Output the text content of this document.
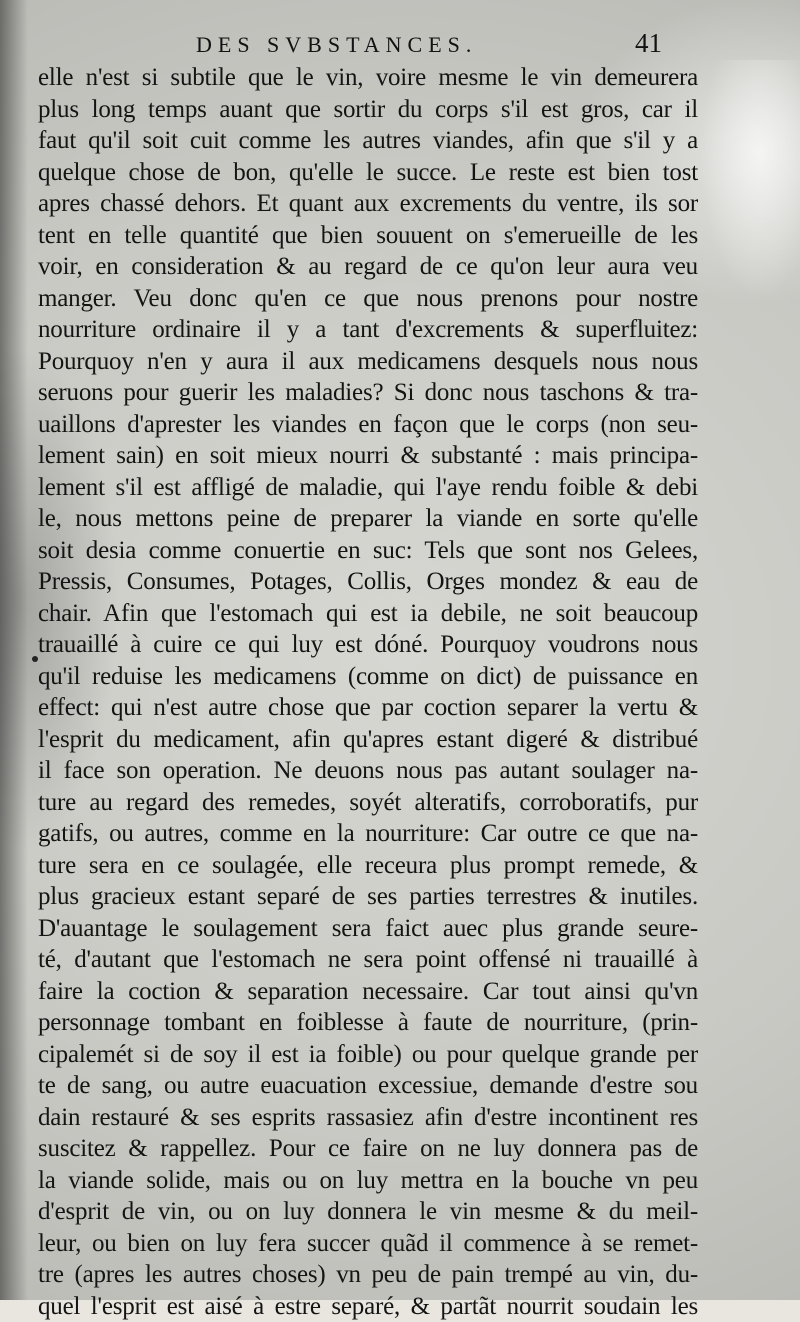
DES SVBSTANCES.	41
elle n'est si subtile que le vin, voire mesme le vin demeurera
plus long temps auant que sortir du corps s'il est gros, car il
faut qu'il soit cuit comme les autres viandes, afin que s'il y a
quelque chose de bon, qu'elle le succe. Le reste est bien tost
apres chassé dehors. Et quant aux excrements du ventre, ils sor
tent en telle quantité que bien souuent on s'emerueille de les
voir, en consideration & au regard de ce qu'on leur aura veu
manger. Veu donc qu'en ce que nous prenons pour nostre
nourriture ordinaire il y a tant d'excrements & superfluitez:
Pourquoy n'en y aura il aux medicamens desquels nous nous
seruons pour guerir les maladies? Si donc nous taschons & tra-
uaillons d'aprester les viandes en façon que le corps (non seu-
lement sain) en soit mieux nourri & substanté : mais principa-
lement s'il est affligé de maladie, qui l'aye rendu foible & debi
le, nous mettons peine de preparer la viande en sorte qu'elle
soit desia comme conuertie en suc: Tels que sont nos Gelees,
Pressis, Consumes, Potages, Collis, Orges mondez & eau de
chair. Afin que l'estomach qui est ia debile, ne soit beaucoup
trauaillé à cuire ce qui luy est dóné. Pourquoy voudrons nous
qu'il reduise les medicamens (comme on dict) de puissance en
effect: qui n'est autre chose que par coction separer la vertu &
l'esprit du medicament, afin qu'apres estant digeré & distribué
il face son operation. Ne deuons nous pas autant soulager na-
ture au regard des remedes, soyét alteratifs, corroboratifs, pur
gatifs, ou autres, comme en la nourriture: Car outre ce que na-
ture sera en ce soulagée, elle receura plus prompt remede, &
plus gracieux estant separé de ses parties terrestres & inutiles.
D'auantage le soulagement sera faict auec plus grande seure-
té, d'autant que l'estomach ne sera point offensé ni trauaillé à
faire la coction & separation necessaire. Car tout ainsi qu'vn
personnage tombant en foiblesse à faute de nourriture, (prin-
cipalemét si de soy il est ia foible) ou pour quelque grande per
te de sang, ou autre euacuation excessiue, demande d'estre sou
dain restauré & ses esprits rassasiez afin d'estre incontinent res
suscitez & rappellez. Pour ce faire on ne luy donnera pas de
la viande solide, mais ou on luy mettra en la bouche vn peu
d'esprit de vin, ou on luy donnera le vin mesme & du meil-
leur, ou bien on luy fera succer quãd il commence à se remet-
tre (apres les autres choses) vn peu de pain trempé au vin, du-
quel l'esprit est aisé à estre separé, & partãt nourrit soudain les
